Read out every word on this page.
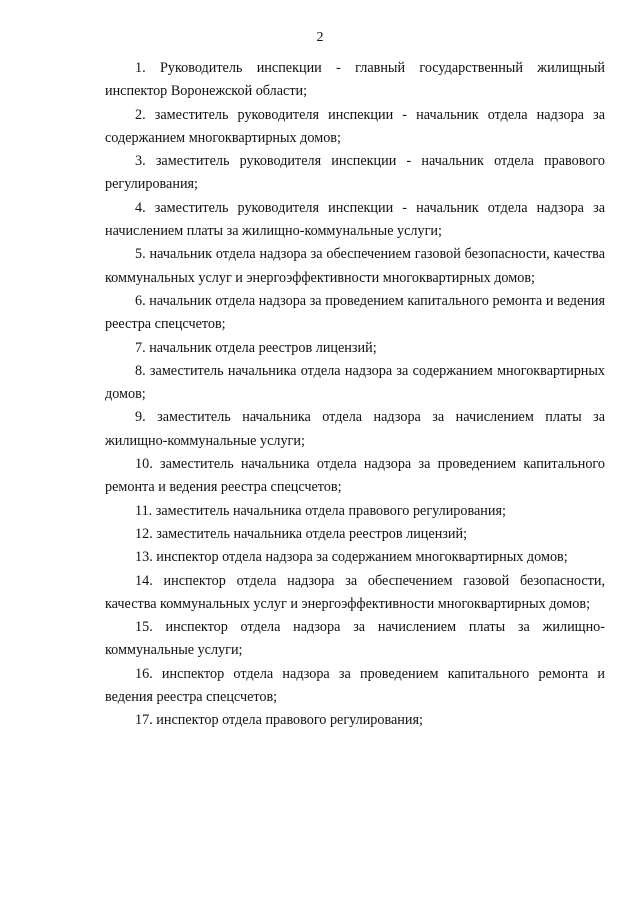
2

1. Руководитель инспекции - главный государственный жилищный инспектор Воронежской области;

2. заместитель руководителя инспекции - начальник отдела надзора за содержанием многоквартирных домов;

3. заместитель руководителя инспекции - начальник отдела правового регулирования;

4. заместитель руководителя инспекции - начальник отдела надзора за начислением платы за жилищно-коммунальные услуги;

5. начальник отдела надзора за обеспечением газовой безопасности, качества коммунальных услуг и энергоэффективности многоквартирных домов;

6. начальник отдела надзора за проведением капитального ремонта и ведения реестра спецсчетов;

7. начальник отдела реестров лицензий;

8. заместитель начальника отдела надзора за содержанием многоквартирных домов;

9. заместитель начальника отдела надзора за начислением платы за жилищно-коммунальные услуги;

10. заместитель начальника отдела надзора за проведением капитального ремонта и ведения реестра спецсчетов;

11. заместитель начальника отдела правового регулирования;

12. заместитель начальника отдела реестров лицензий;

13. инспектор отдела надзора за содержанием многоквартирных домов;

14. инспектор отдела надзора за обеспечением газовой безопасности, качества коммунальных услуг и энергоэффективности многоквартирных домов;

15. инспектор отдела надзора за начислением платы за жилищно-коммунальные услуги;

16. инспектор отдела надзора за проведением капитального ремонта и ведения реестра спецсчетов;

17. инспектор отдела правового регулирования;
